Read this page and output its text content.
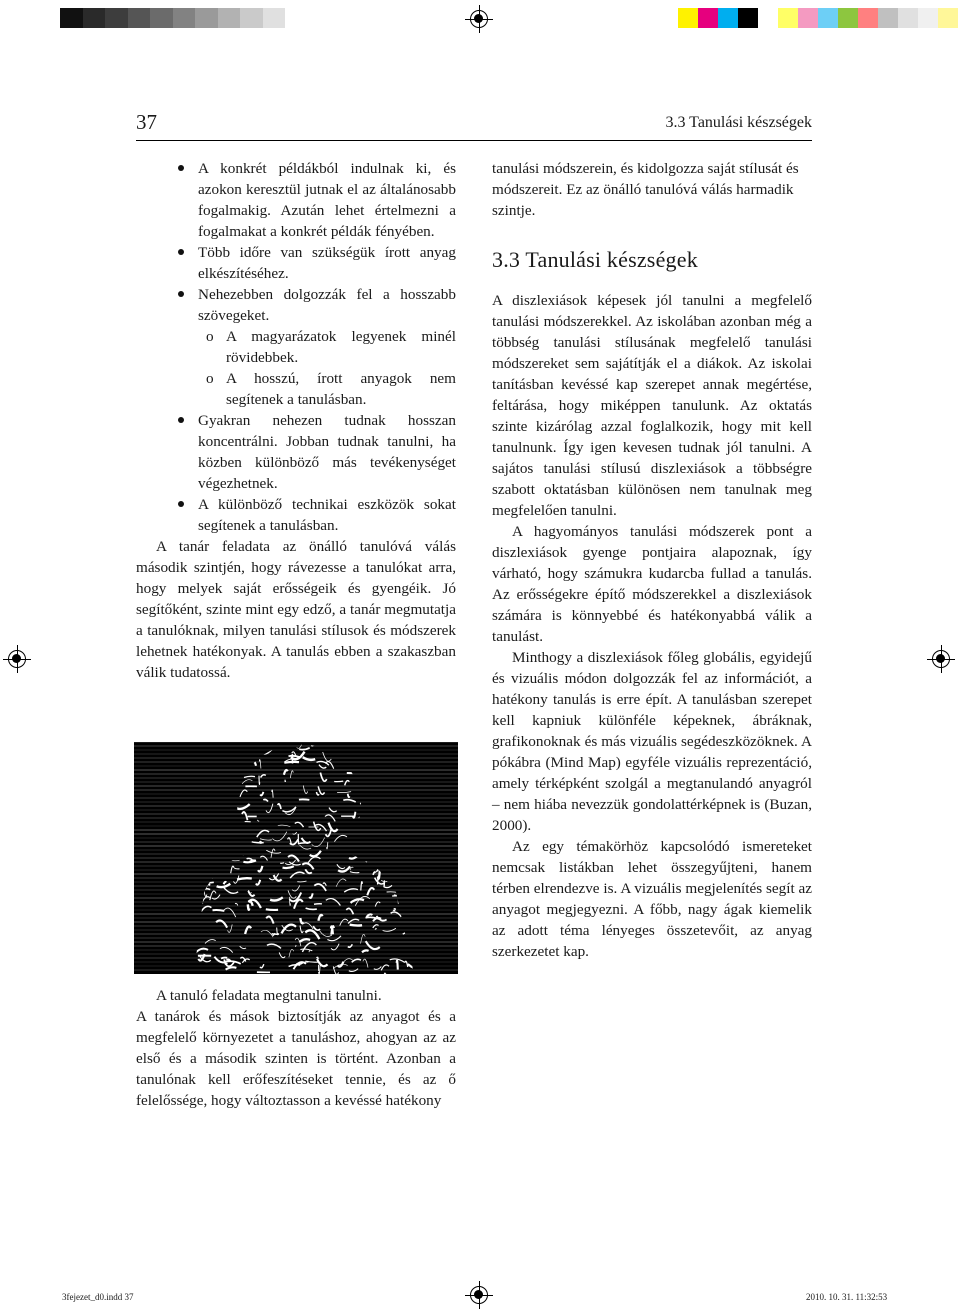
37	3.3 Tanulási készségek
A konkrét példákból indulnak ki, és azokon keresztül jutnak el az általánosabb fogalmakig. Azután lehet értelmezni a fogalmakat a konkrét példák fényében.
Több időre van szükségük írott anyag elkészítéséhez.
Nehezebben dolgozzák fel a hosszabb szövegeket.
o A magyarázatok legyenek minél rövidebbek.
o A hosszú, írott anyagok nem segítenek a tanulásban.
Gyakran nehezen tudnak hosszan koncentrálni. Jobban tudnak tanulni, ha közben különböző más tevékenységet végezhetnek.
A különböző technikai eszközök sokat segítenek a tanulásban.

A tanár feladata az önálló tanulóvá válás második szintjén, hogy rávezesse a tanulókat arra, hogy melyek saját erősségeik és gyengéik. Jó segítőként, szinte mint egy edző, a tanár megmutatja a tanulóknak, milyen tanulási stílusok és módszerek lehetnek hatékonyak. A tanulás ebben a szakaszban válik tudatossá.

A tanuló feladata megtanulni tanulni.

A tanárok és mások biztosítják az anyagot és a megfelelő környezetet a tanuláshoz, ahogyan az az első és a második szinten is történt. Azonban a tanulónak kell erőfeszítéseket tennie, és az ő felelőssége, hogy változtasson a kevéssé hatékony

tanulási módszerein, és kidolgozza saját stílusát és módszereit. Ez az önálló tanulóvá válás harmadik szintje.

3.3 Tanulási készségek

A diszlexiások képesek jól tanulni a megfelelő tanulási módszerekkel. Az iskolában azonban még a többség tanulási stílusának megfelelő tanulási módszereket sem sajátítják el a diákok. Az iskolai tanításban kevéssé kap szerepet annak megértése, feltárása, hogy miképpen tanulunk. Az oktatás szinte kizárólag azzal foglalkozik, hogy mit kell tanulnunk. Így igen kevesen tudnak jól tanulni. A sajátos tanulási stílusú diszlexiások a többségre szabott oktatásban különösen nem tanulnak meg megfelelően tanulni.

A hagyományos tanulási módszerek pont a diszlexiások gyenge pontjaira alapoznak, így várható, hogy számukra kudarcba fullad a tanulás. Az erősségekre építő módszerekkel a diszlexiások számára is könnyebbé és hatékonyabbá válik a tanulást.

Minthogy a diszlexiások főleg globális, egyidejű és vizuális módon dolgozzák fel az információt, a hatékony tanulás is erre épít. A tanulásban szerepet kell kapniuk különféle képeknek, ábráknak, grafikonoknak és más vizuális segédeszközöknek. A pókábra (Mind Map) egyféle vizuális reprezentáció, amely térképként szolgál a megtanulandó anyagról – nem hiába nevezzük gondolattérképnek is (Buzan, 2000).

Az egy témakörhöz kapcsolódó ismereteket nemcsak listákban lehet összegyűjteni, hanem térben elrendezve is. A vizuális megjelenítés segít az anyagot megjegyezni. A főbb, nagy ágak kiemelik az adott téma lényeges összetevőit, az anyag szerkezetet kap.

3fejezet_d0.indd 37	2010. 10. 31. 11:32:53
